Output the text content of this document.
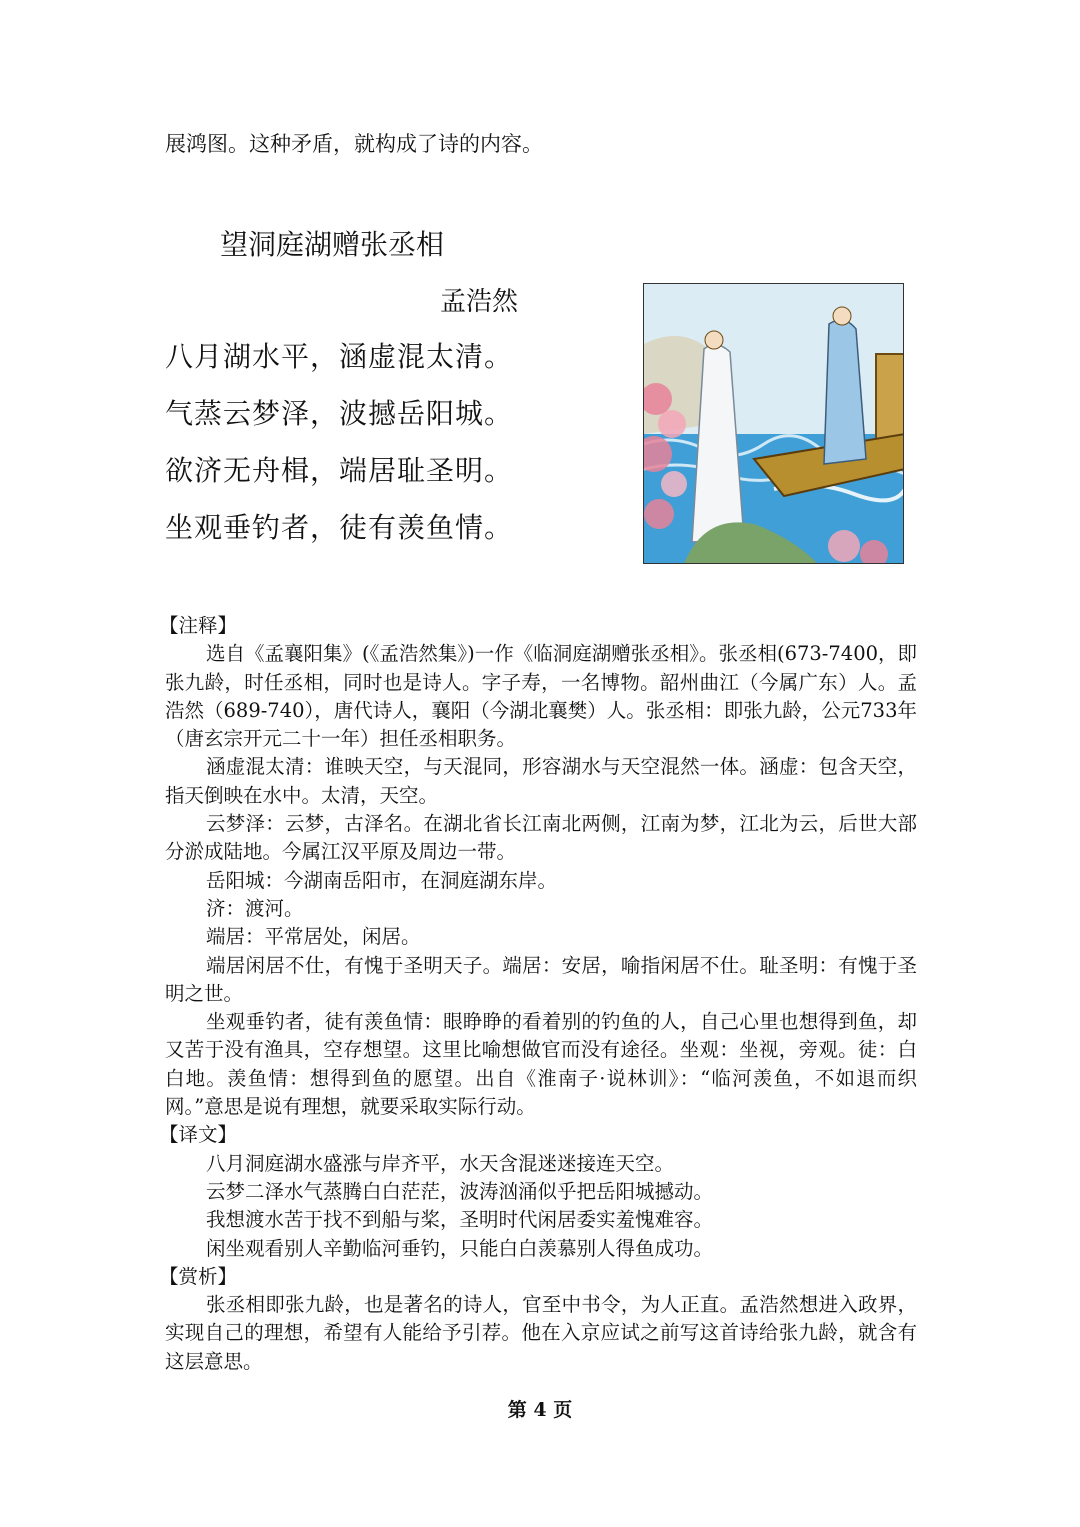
展鸿图。这种矛盾，就构成了诗的内容。
望洞庭湖赠张丞相
孟浩然
八月湖水平，涵虚混太清。
气蒸云梦泽，波撼岳阳城。
欲济无舟楫，端居耻圣明。
坐观垂钓者，徒有羡鱼情。

【注释】

选自《孟襄阳集》(《孟浩然集》)一作《临洞庭湖赠张丞相》。张丞相(673-7400，即张九龄，时任丞相，同时也是诗人。字子寿，一名博物。韶州曲江（今属广东）人。孟浩然（689-740），唐代诗人，襄阳（今湖北襄樊）人。张丞相：即张九龄，公元733年（唐玄宗开元二十一年）担任丞相职务。

涵虚混太清：谁映天空，与天混同，形容湖水与天空混然一体。涵虚：包含天空，指天倒映在水中。太清，天空。

云梦泽：云梦，古泽名。在湖北省长江南北两侧，江南为梦，江北为云，后世大部分淤成陆地。今属江汉平原及周边一带。

岳阳城：今湖南岳阳市，在洞庭湖东岸。

济：渡河。

端居：平常居处，闲居。

端居闲居不仕，有愧于圣明天子。端居：安居，喻指闲居不仕。耻圣明：有愧于圣明之世。

坐观垂钓者，徒有羡鱼情：眼睁睁的看着别的钓鱼的人，自己心里也想得到鱼，却又苦于没有渔具，空存想望。这里比喻想做官而没有途径。坐观：坐视，旁观。徒：白白地。羡鱼情：想得到鱼的愿望。出自《淮南子·说林训》：“临河羡鱼，不如退而织网。”意思是说有理想，就要采取实际行动。

【译文】

八月洞庭湖水盛涨与岸齐平，水天含混迷迷接连天空。

云梦二泽水气蒸腾白白茫茫，波涛汹涌似乎把岳阳城撼动。

我想渡水苦于找不到船与桨，圣明时代闲居委实羞愧难容。

闲坐观看别人辛勤临河垂钓，只能白白羡慕别人得鱼成功。

【赏析】

张丞相即张九龄，也是著名的诗人，官至中书令，为人正直。孟浩然想进入政界，实现自己的理想，希望有人能给予引荐。他在入京应试之前写这首诗给张九龄，就含有这层意思。

第 4 页
